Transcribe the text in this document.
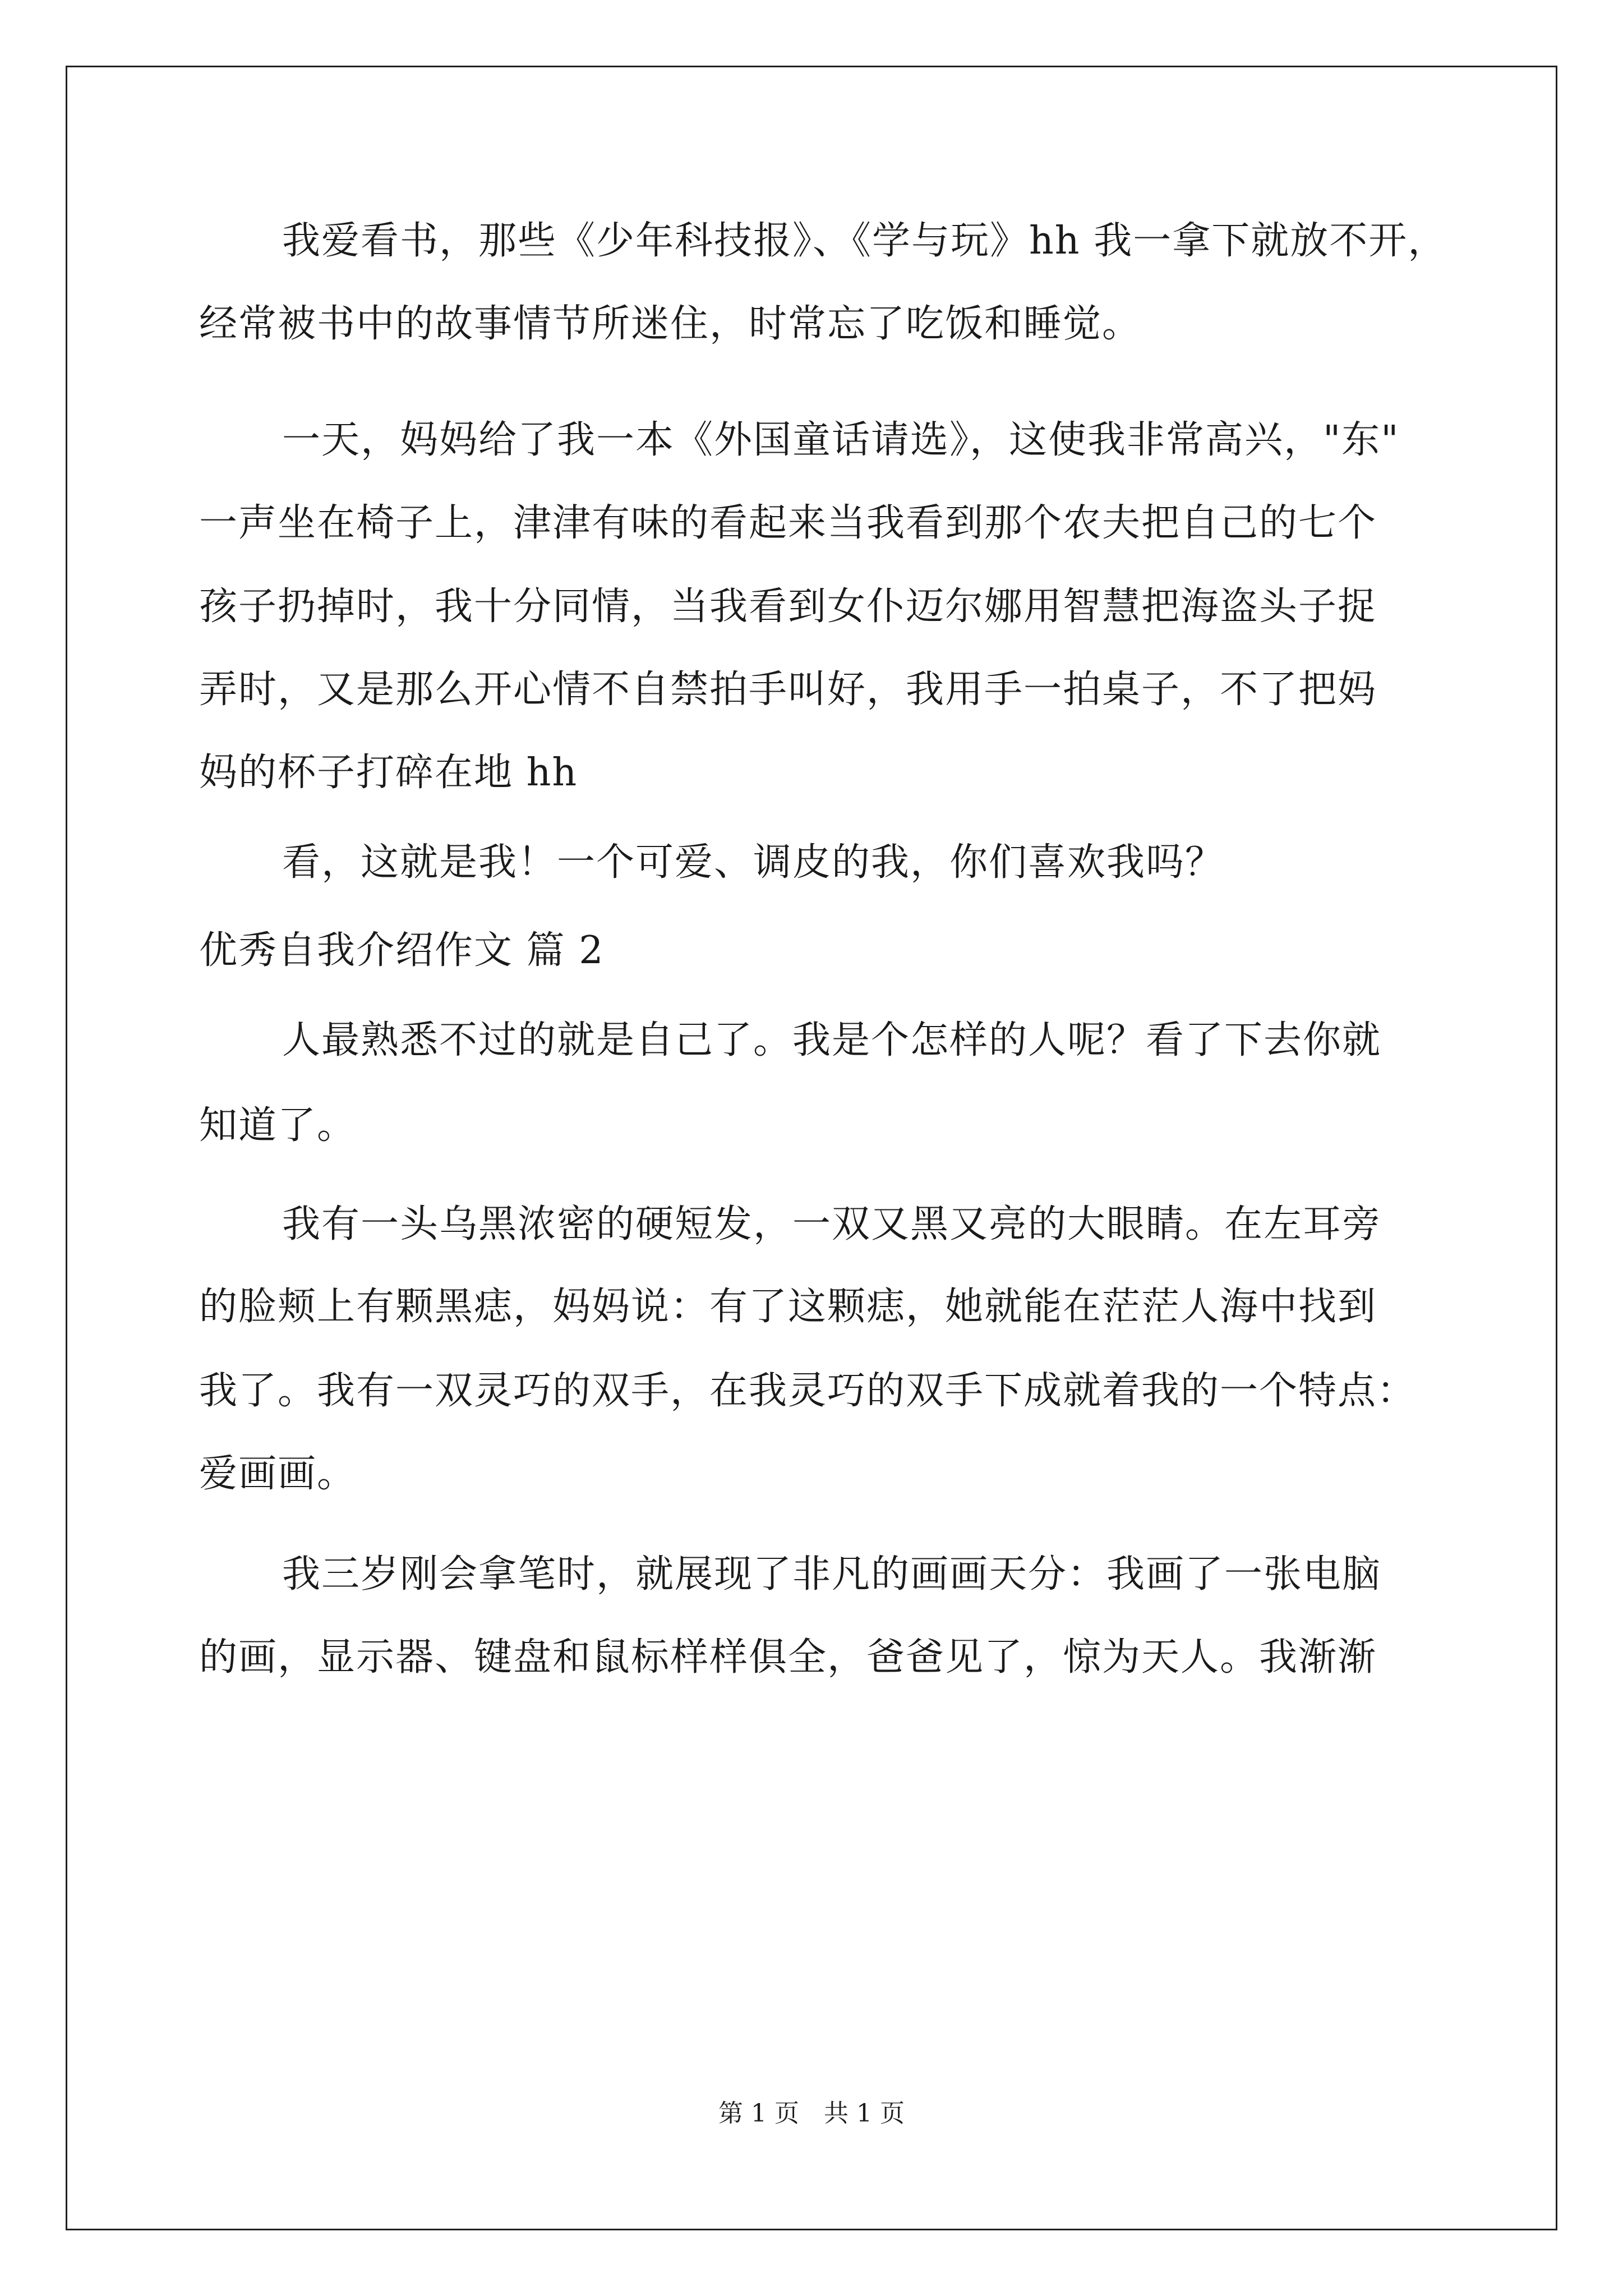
我爱看书，那些《少年科技报》、《学与玩》hh 我一拿下就放不开，
经常被书中的故事情节所迷住，时常忘了吃饭和睡觉。
一天，妈妈给了我一本《外国童话请选》，这使我非常高兴，"东"
一声坐在椅子上，津津有味的看起来当我看到那个农夫把自己的七个
孩子扔掉时，我十分同情，当我看到女仆迈尔娜用智慧把海盗头子捉
弄时，又是那么开心情不自禁拍手叫好，我用手一拍桌子，不了把妈
妈的杯子打碎在地 hh
看，这就是我！一个可爱、调皮的我，你们喜欢我吗？
优秀自我介绍作文 篇 2
人最熟悉不过的就是自己了。我是个怎样的人呢？看了下去你就
知道了。
我有一头乌黑浓密的硬短发，一双又黑又亮的大眼睛。在左耳旁
的脸颊上有颗黑痣，妈妈说：有了这颗痣，她就能在茫茫人海中找到
我了。我有一双灵巧的双手，在我灵巧的双手下成就着我的一个特点：
爱画画。
我三岁刚会拿笔时，就展现了非凡的画画天分：我画了一张电脑
的画，显示器、键盘和鼠标样样俱全，爸爸见了，惊为天人。我渐渐
第 1 页　共 1 页
